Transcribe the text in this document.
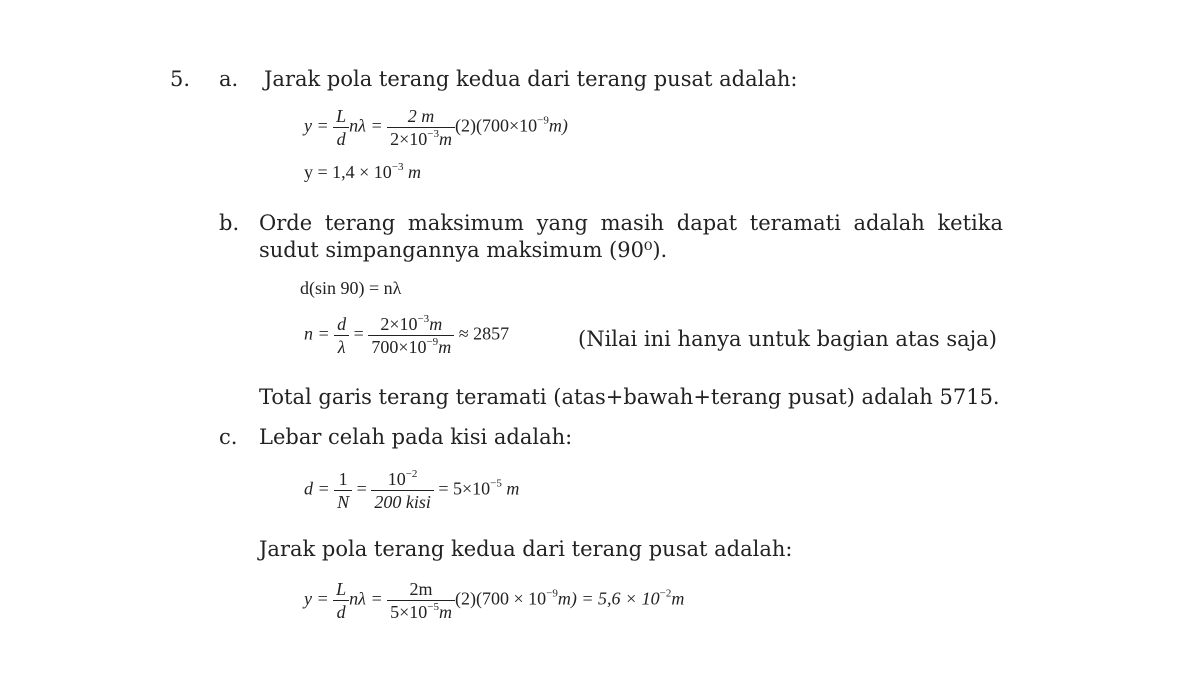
5. a. Jarak pola terang kedua dari terang pusat adalah:
$y = \frac{L}{d}$ $n\lambda = \frac{2 m}{2\times 10^{-3}m} (2)(700\times 10^{-9}m)$
$y = 1,4 \times 10^{-3}$ m
b. Orde terang maksimum yang masih dapat teramati adalah ketika
sudut simpangannya maksimum (90⁰).
d(sin 90) = nλ
$n = \frac{d}{\lambda} = \frac{2\times 10^{-3}m}{700\times 10^{-9}m} \approx 2857$	(Nilai ini hanya untuk bagian atas saja)
Total garis terang teramati (atas+bawah+terang pusat) adalah 5715.
c. Lebar celah pada kisi adalah:
$d = \frac{1}{N} = \frac{10^{-2}}{\text{200 kisi}} = 5\times 10^{-5}$ m
Jarak pola terang kedua dari terang pusat adalah:
$y = \frac{L}{d}$ $n\lambda = \frac{2m}{5\times 10^{-5}m} (2)(700 \times 10^{-9}m) = 5,6 \times 10^{-2}m$
